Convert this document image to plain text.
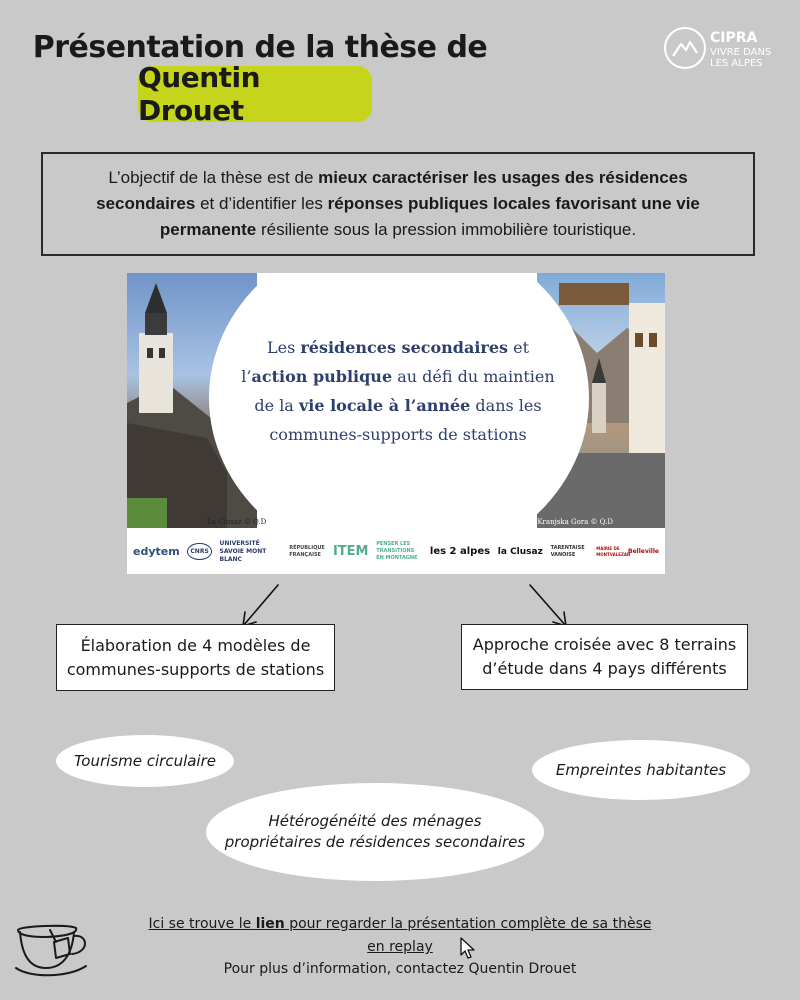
Présentation de la thèse de
Quentin Drouet
CIPRA
VIVRE DANS LES ALPES
L’objectif de la thèse est de mieux caractériser les usages des résidences secondaires et d’identifier les réponses publiques locales favorisant une vie permanente résiliente sous la pression immobilière touristique.
Les résidences secondaires et l’action publique au défi du maintien de la vie locale à l’année dans les communes-supports de stations
La Clusaz © Q.D	Kranjska Gora © Q.D
edytem	CNRS
UNIVERSITÉ SAVOIE MONT BLANC
RÉPUBLIQUE FRANÇAISE ITEM PENSER LES TRANSITIONS EN MONTAGNE
les 2 alpes la Clusaz TARENTAISE VANOISE
MAIRIE DE MONTVALEZAN
Belleville
Élaboration de 4 modèles de communes-supports de stations
Approche croisée avec 8 terrains d’étude dans 4 pays différents
Tourisme circulaire	Empreintes habitantes
Hétérogénéité des ménages propriétaires de résidences secondaires
Ici se trouve le lien pour regarder la présentation complète de sa thèse
en replay
Pour plus d’information, contactez Quentin Drouet
